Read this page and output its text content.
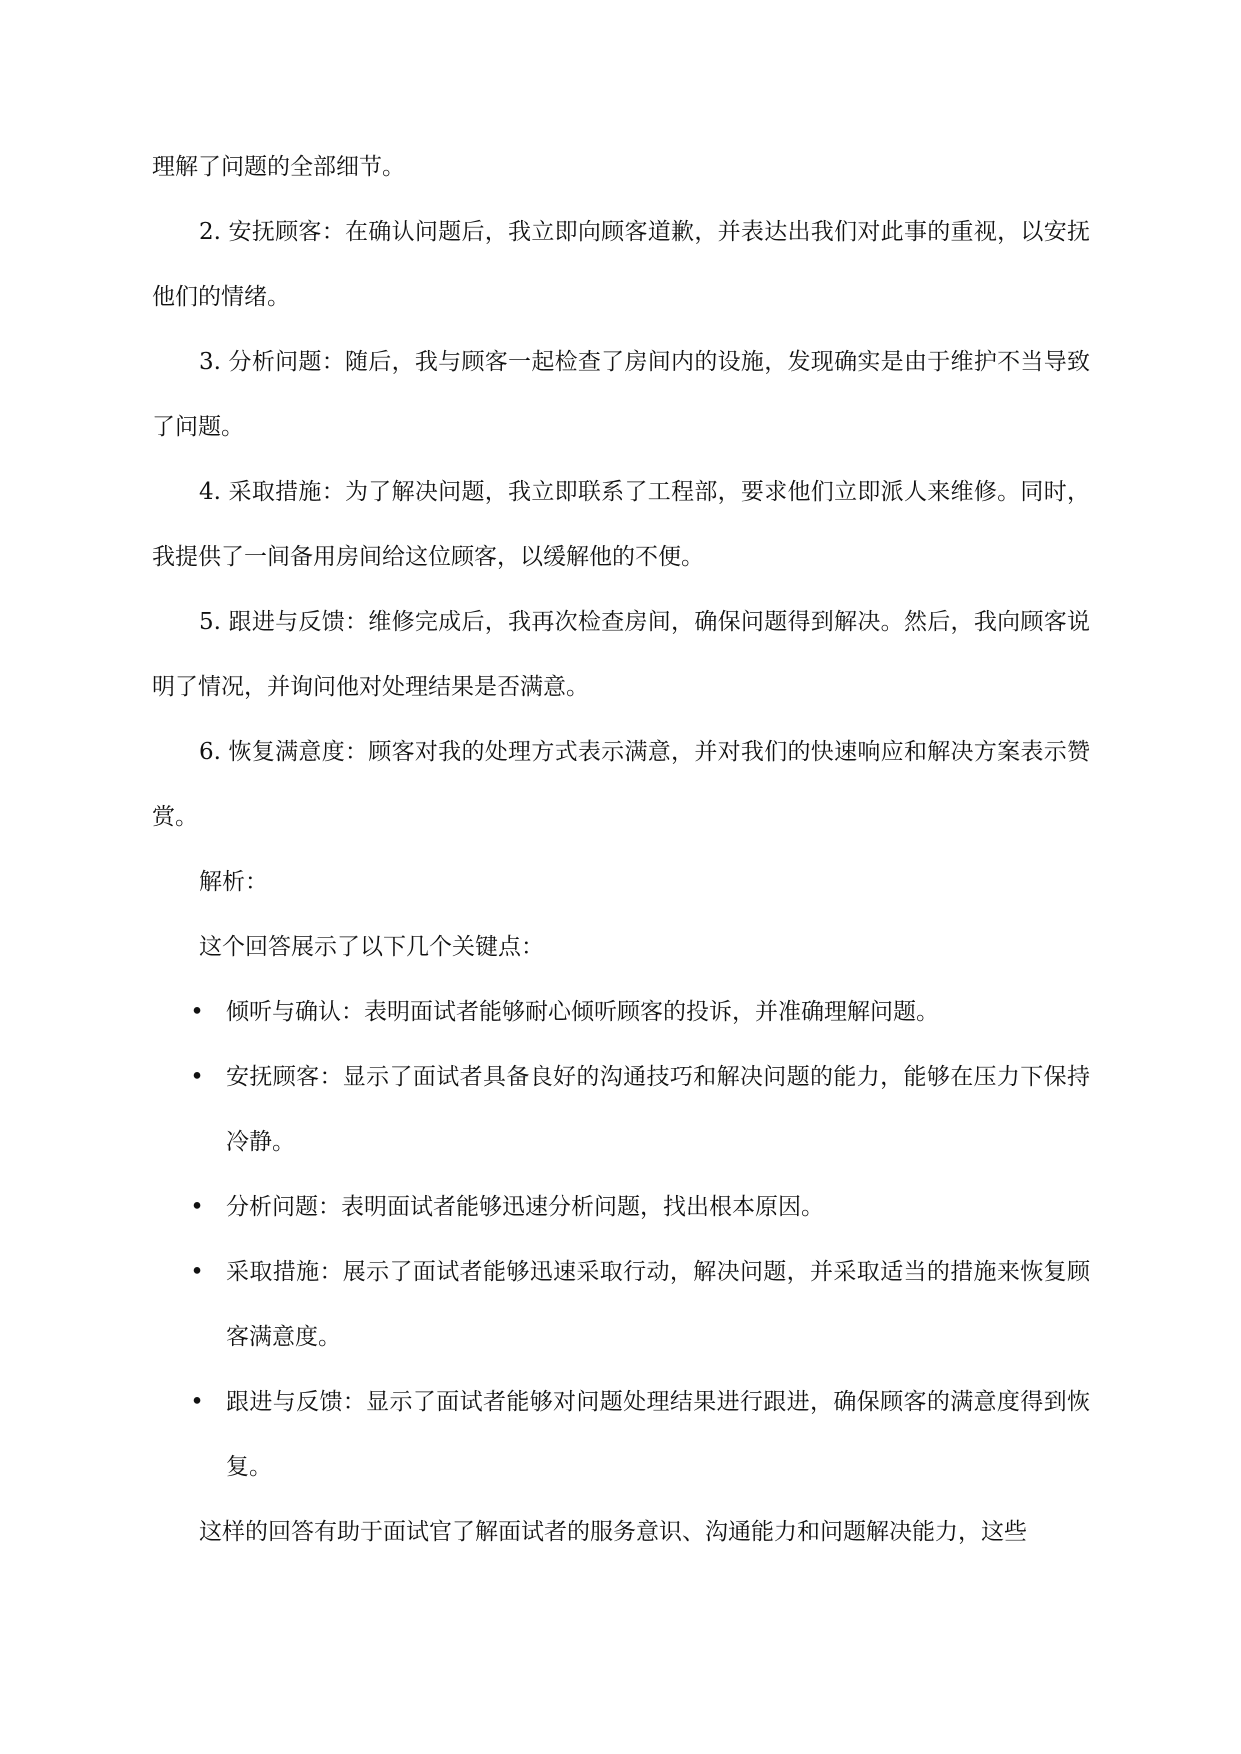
理解了问题的全部细节。

2. 安抚顾客：在确认问题后，我立即向顾客道歉，并表达出我们对此事的重视，以安抚他们的情绪。

3. 分析问题：随后，我与顾客一起检查了房间内的设施，发现确实是由于维护不当导致了问题。

4. 采取措施：为了解决问题，我立即联系了工程部，要求他们立即派人来维修。同时，我提供了一间备用房间给这位顾客，以缓解他的不便。

5. 跟进与反馈：维修完成后，我再次检查房间，确保问题得到解决。然后，我向顾客说明了情况，并询问他对处理结果是否满意。

6. 恢复满意度：顾客对我的处理方式表示满意，并对我们的快速响应和解决方案表示赞赏。

解析：

这个回答展示了以下几个关键点：

• 倾听与确认：表明面试者能够耐心倾听顾客的投诉，并准确理解问题。
• 安抚顾客：显示了面试者具备良好的沟通技巧和解决问题的能力，能够在压力下保持冷静。
• 分析问题：表明面试者能够迅速分析问题，找出根本原因。
• 采取措施：展示了面试者能够迅速采取行动，解决问题，并采取适当的措施来恢复顾客满意度。
• 跟进与反馈：显示了面试者能够对问题处理结果进行跟进，确保顾客的满意度得到恢复。

这样的回答有助于面试官了解面试者的服务意识、沟通能力和问题解决能力，这些
